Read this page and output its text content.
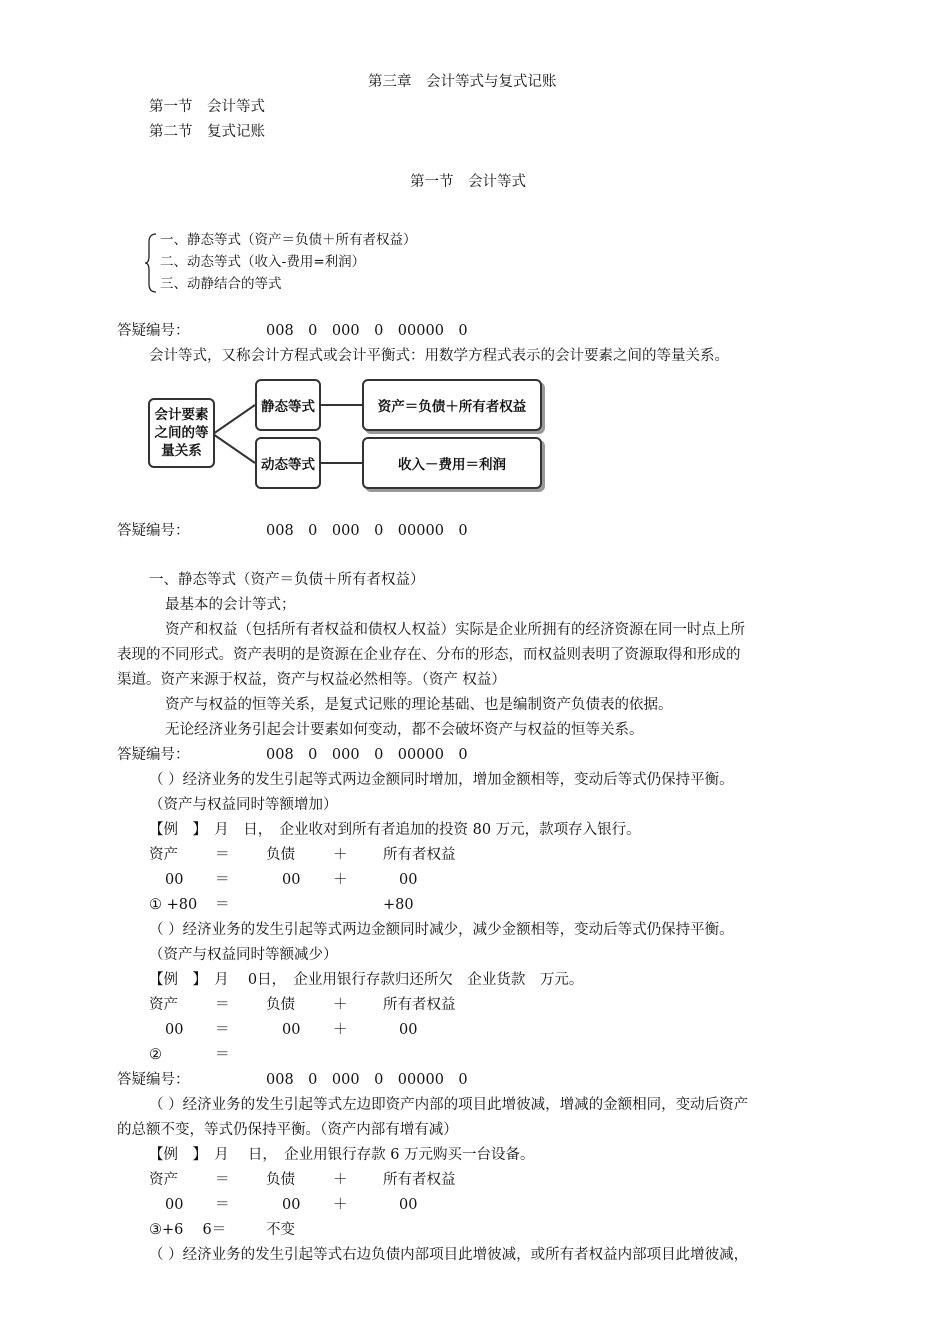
第三章　会计等式与复式记账
第一节　会计等式
第二节　复式记账
第一节　会计等式
一、静态等式（资产＝负债＋所有者权益）
二、动态等式（收入-费用=利润）
三、动静结合的等式
答疑编号：	008　0　000　0　00000　0
会计等式，又称会计方程式或会计平衡式：用数学方程式表示的会计要素之间的等量关系。
会计要素之间的等量关系
静态等式
动态等式
资产＝负债＋所有者权益
收入－费用＝利润
答疑编号：	008　0　000　0　00000　0
一、静态等式（资产＝负债＋所有者权益）
最基本的会计等式；
资产和权益（包括所有者权益和债权人权益）实际是企业所拥有的经济资源在同一时点上所
表现的不同形式。资产表明的是资源在企业存在、分布的形态，而权益则表明了资源取得和形成的
渠道。资产来源于权益，资产与权益必然相等。（资产 权益）
资产与权益的恒等关系，是复式记账的理论基础、也是编制资产负债表的依据。
无论经济业务引起会计要素如何变动，都不会破坏资产与权益的恒等关系。
答疑编号：	008　0　000　0　00000　0
（ ）经济业务的发生引起等式两边金额同时增加，增加金额相等，变动后等式仍保持平衡。
（资产与权益同时等额增加）
【例　】　月　日，　企业收对到所有者追加的投资 80 万元，款项存入银行。
资产	＝	负债	＋ 所有者权益
00 ＝	00 ＋	00
① +80 ＝	+80
（ ）经济业务的发生引起等式两边金额同时减少，减少金额相等，变动后等式仍保持平衡。
（资产与权益同时等额减少）
【例　】　月　 0日，　企业用银行存款归还所欠　企业货款　万元。
资产	＝	负债	＋ 所有者权益
00 ＝	00 ＋	00
②	＝
答疑编号：	008　0　000　0　00000　0
（ ）经济业务的发生引起等式左边即资产内部的项目此增彼减，增减的金额相同，变动后资产
的总额不变，等式仍保持平衡。（资产内部有增有减）
【例　】　月　 日，　企业用银行存款 6 万元购买一台设备。
资产	＝	负债	＋ 所有者权益
00 ＝	00 ＋	00
③+6　 6＝	不变
（ ）经济业务的发生引起等式右边负债内部项目此增彼减，或所有者权益内部项目此增彼减，
